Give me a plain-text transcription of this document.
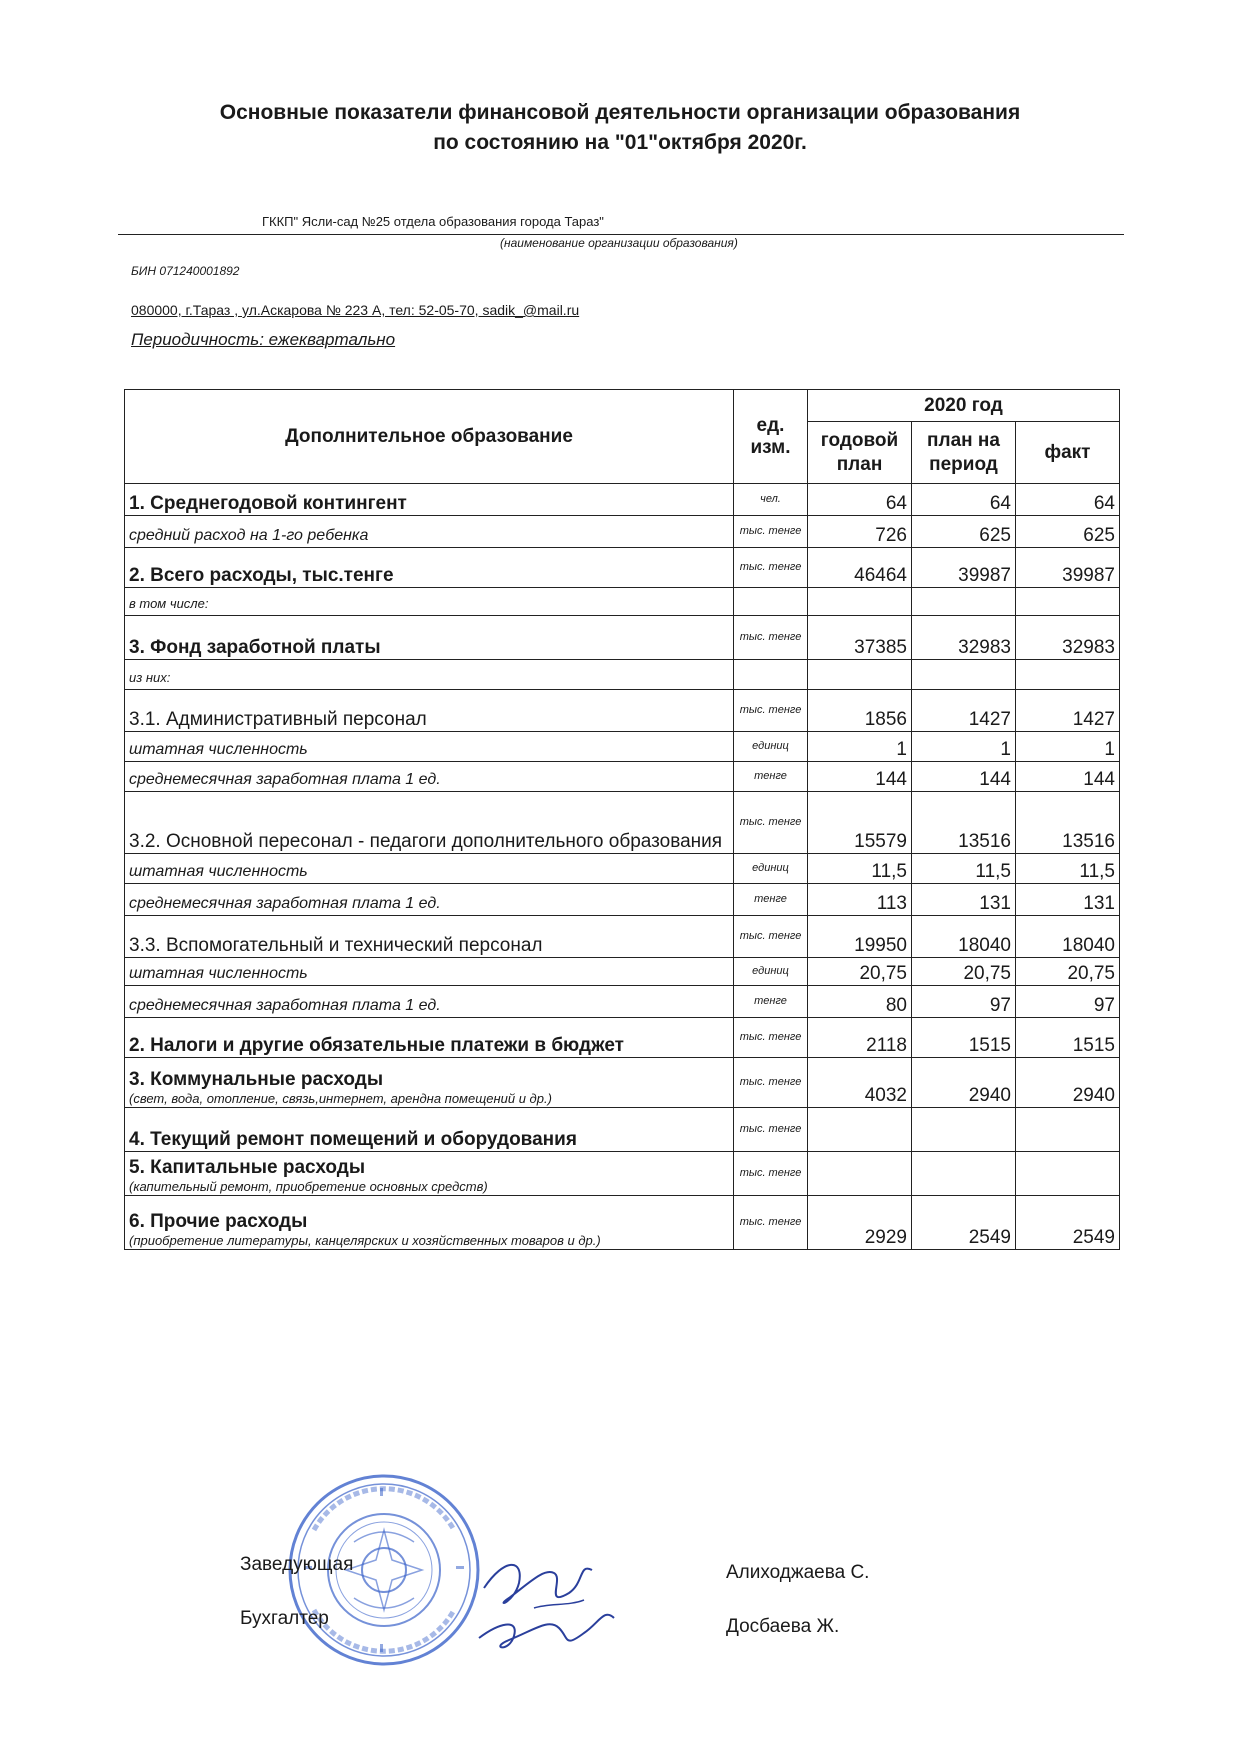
Основные показатели финансовой деятельности организации образования
по состоянию на "01"октября 2020г.
ГККП" Ясли-сад №25 отдела образования города Тараз"
(наименование организации образования)
БИН 071240001892
080000, г.Тараз , ул.Аскарова № 223 А, тел: 52-05-70, sadik_@mail.ru
Периодичность: ежеквартально
Дополнительное образование	ед. изм.	2020 год		
		годовой план	план на период	факт
1. Среднегодовой контингент	чел.	64	64	64
средний расход на 1-го ребенка	тыс. тенге	726	625	625
2. Всего расходы, тыс.тенге	тыс. тенге	46464	39987	39987
в том числе:				
3. Фонд заработной платы	тыс. тенге	37385	32983	32983
из них:				
3.1. Административный персонал	тыс. тенге	1856	1427	1427
штатная численность	единиц	1	1	1
среднемесячная заработная плата 1 ед.	тенге	144	144	144
3.2. Основной пересонал - педагоги дополнительного образования	тыс. тенге	15579	13516	13516
штатная численность	единиц	11,5	11,5	11,5
среднемесячная заработная плата 1 ед.	тенге	113	131	131
3.3. Вспомогательный и технический персонал	тыс. тенге	19950	18040	18040
штатная численность	единиц	20,75	20,75	20,75
среднемесячная заработная плата 1 ед.	тенге	80	97	97
2. Налоги и другие обязательные платежи в бюджет	тыс. тенге	2118	1515	1515
3. Коммунальные расходы
(свет, вода, отопление, связь,интернет, арендна помещений и др.)	тыс. тенге	4032	2940	2940
4. Текущий ремонт помещений и оборудования	тыс. тенге			
5. Капитальные расходы
(капительный ремонт, приобретение основных средств)	тыс. тенге			
6. Прочие расходы
(приобретение литературы, канцелярских и хозяйственных товаров и др.)	тыс. тенге	2929	2549	2549
Заведующая	Алиходжаева С.
Бухгалтер	Досбаева Ж.
